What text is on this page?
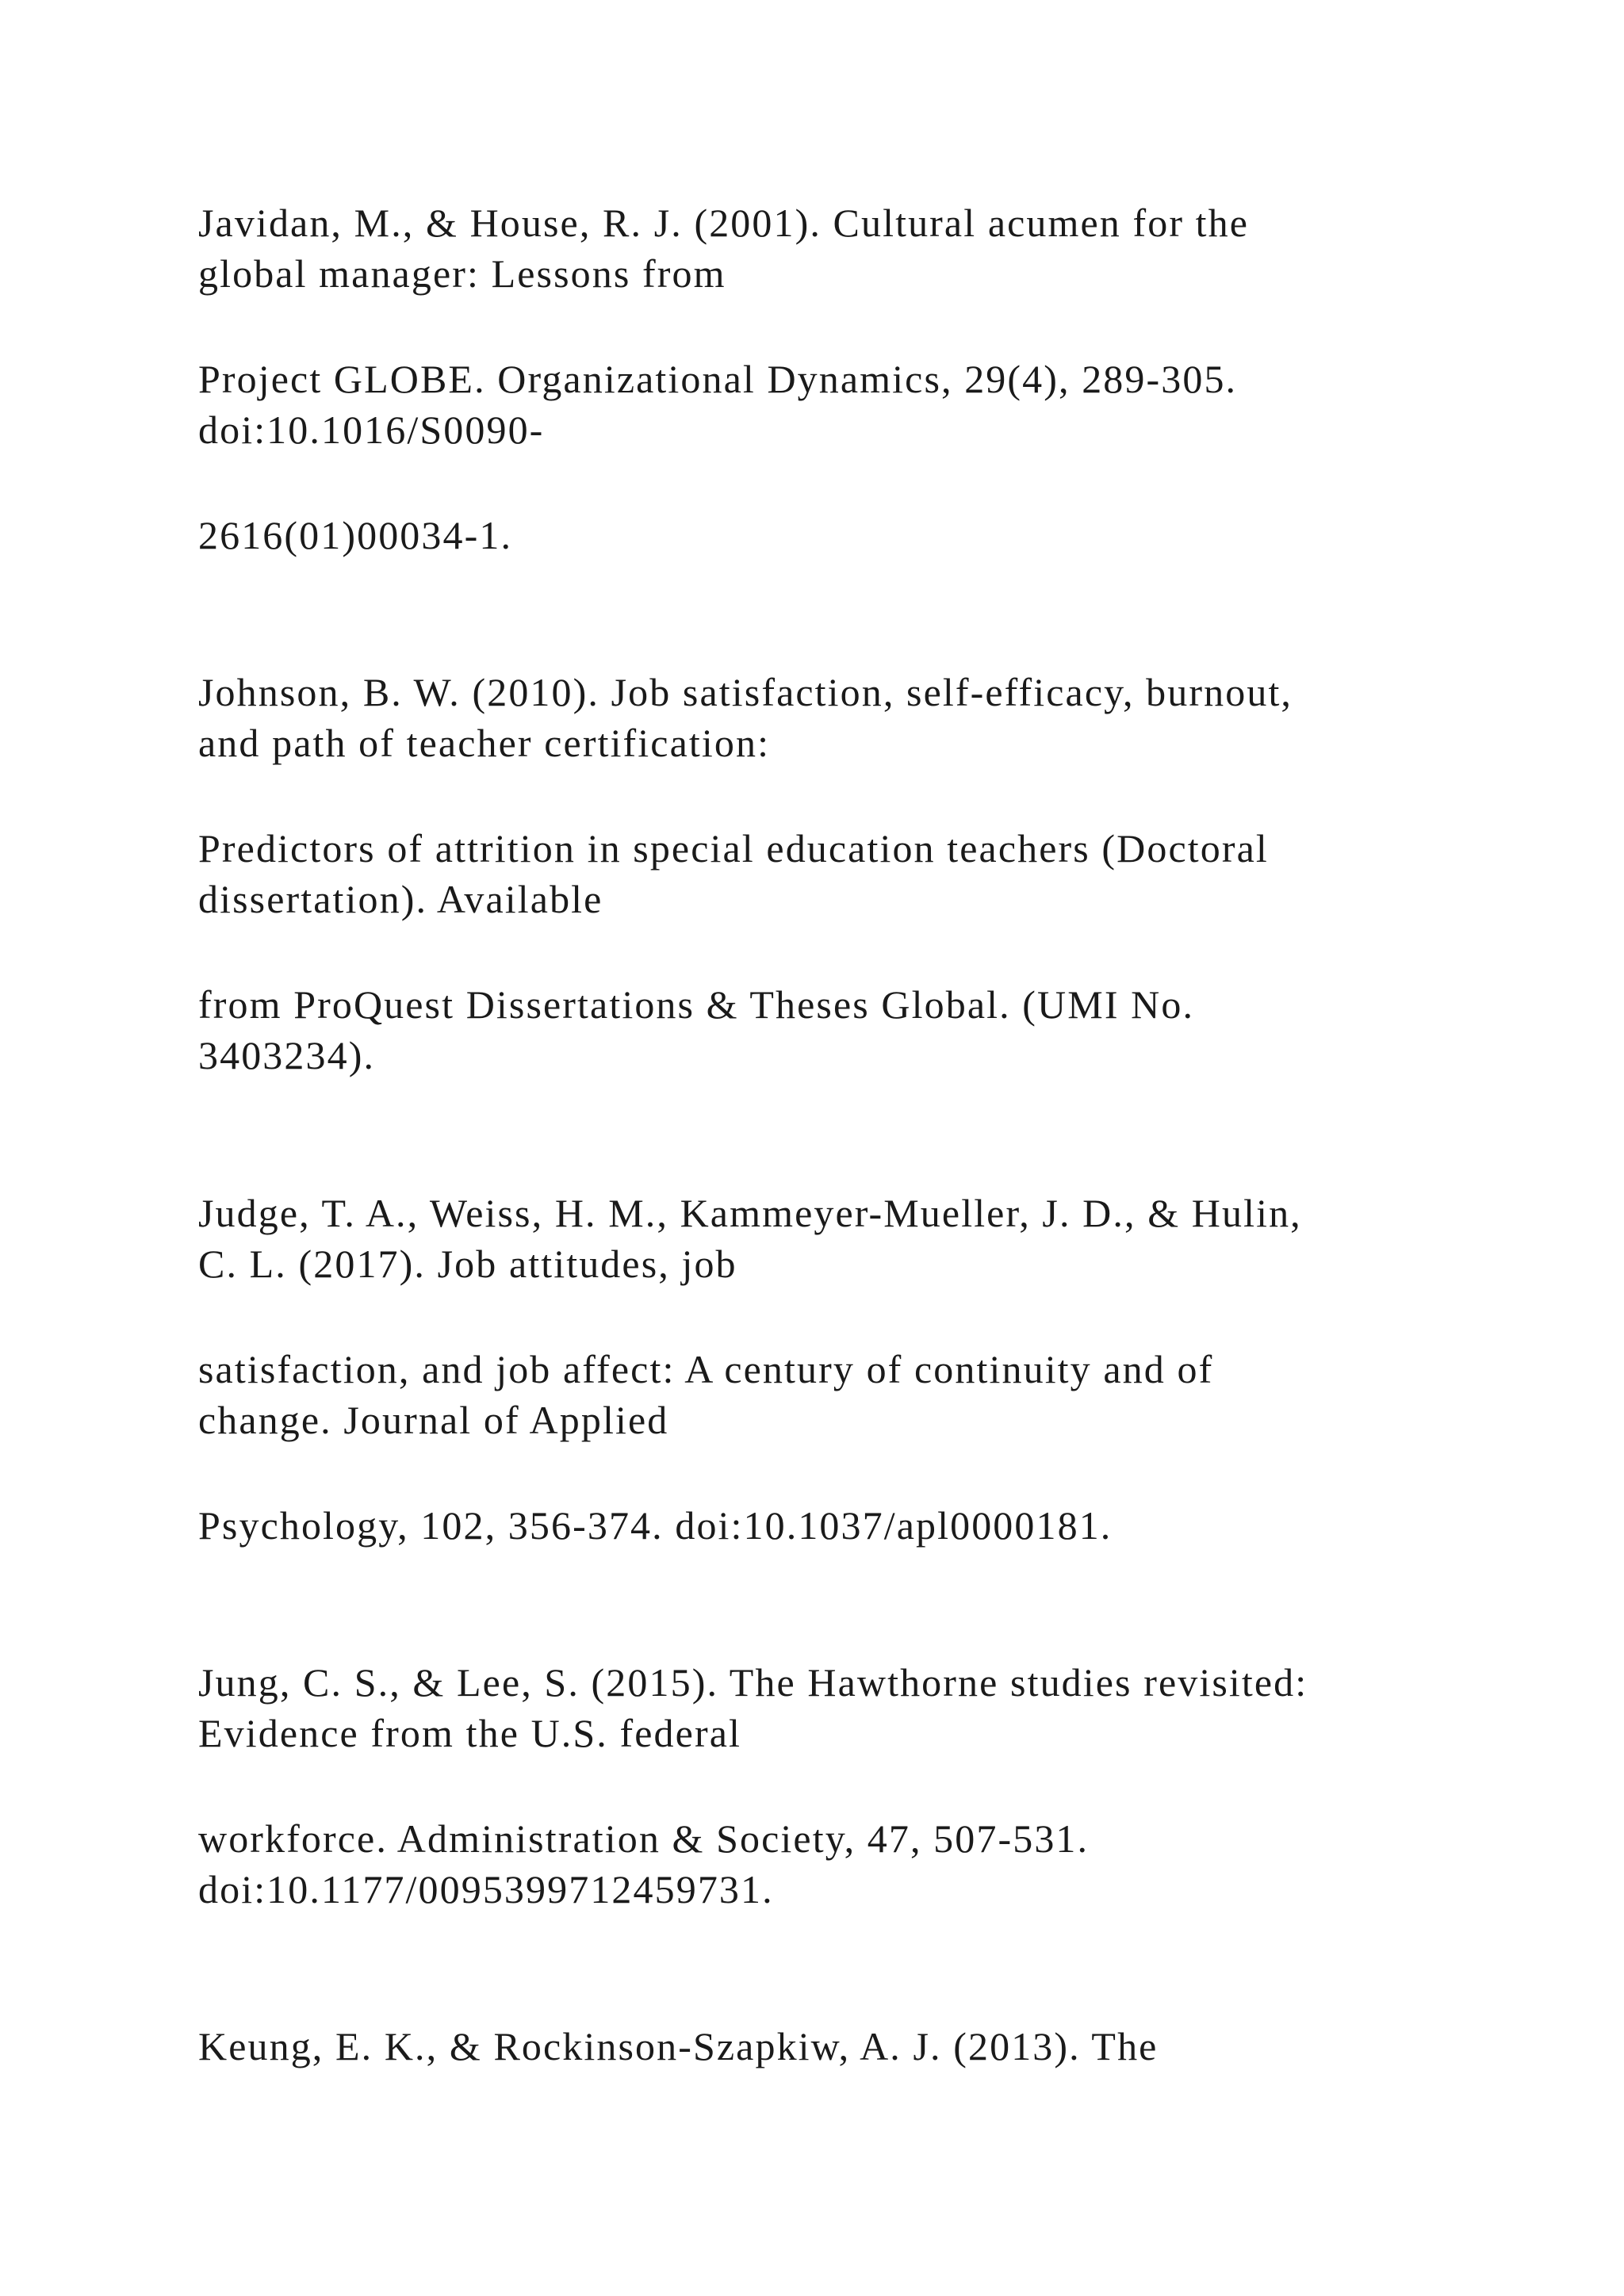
Javidan, M., & House, R. J. (2001). Cultural acumen for the

global manager: Lessons from

Project GLOBE. Organizational Dynamics, 29(4), 289-305.

doi:10.1016/S0090-

2616(01)00034-1.

Johnson, B. W. (2010). Job satisfaction, self-efficacy, burnout,

and path of teacher certification:

Predictors of attrition in special education teachers (Doctoral

dissertation). Available

from ProQuest Dissertations & Theses Global. (UMI No.

3403234).

Judge, T. A., Weiss, H. M., Kammeyer-Mueller, J. D., & Hulin,

C. L. (2017). Job attitudes, job

satisfaction, and job affect: A century of continuity and of

change. Journal of Applied

Psychology, 102, 356-374. doi:10.1037/apl0000181.

Jung, C. S., & Lee, S. (2015). The Hawthorne studies revisited:

Evidence from the U.S. federal

workforce. Administration & Society, 47, 507-531.

doi:10.1177/0095399712459731.

Keung, E. K., & Rockinson-Szapkiw, A. J. (2013). The
